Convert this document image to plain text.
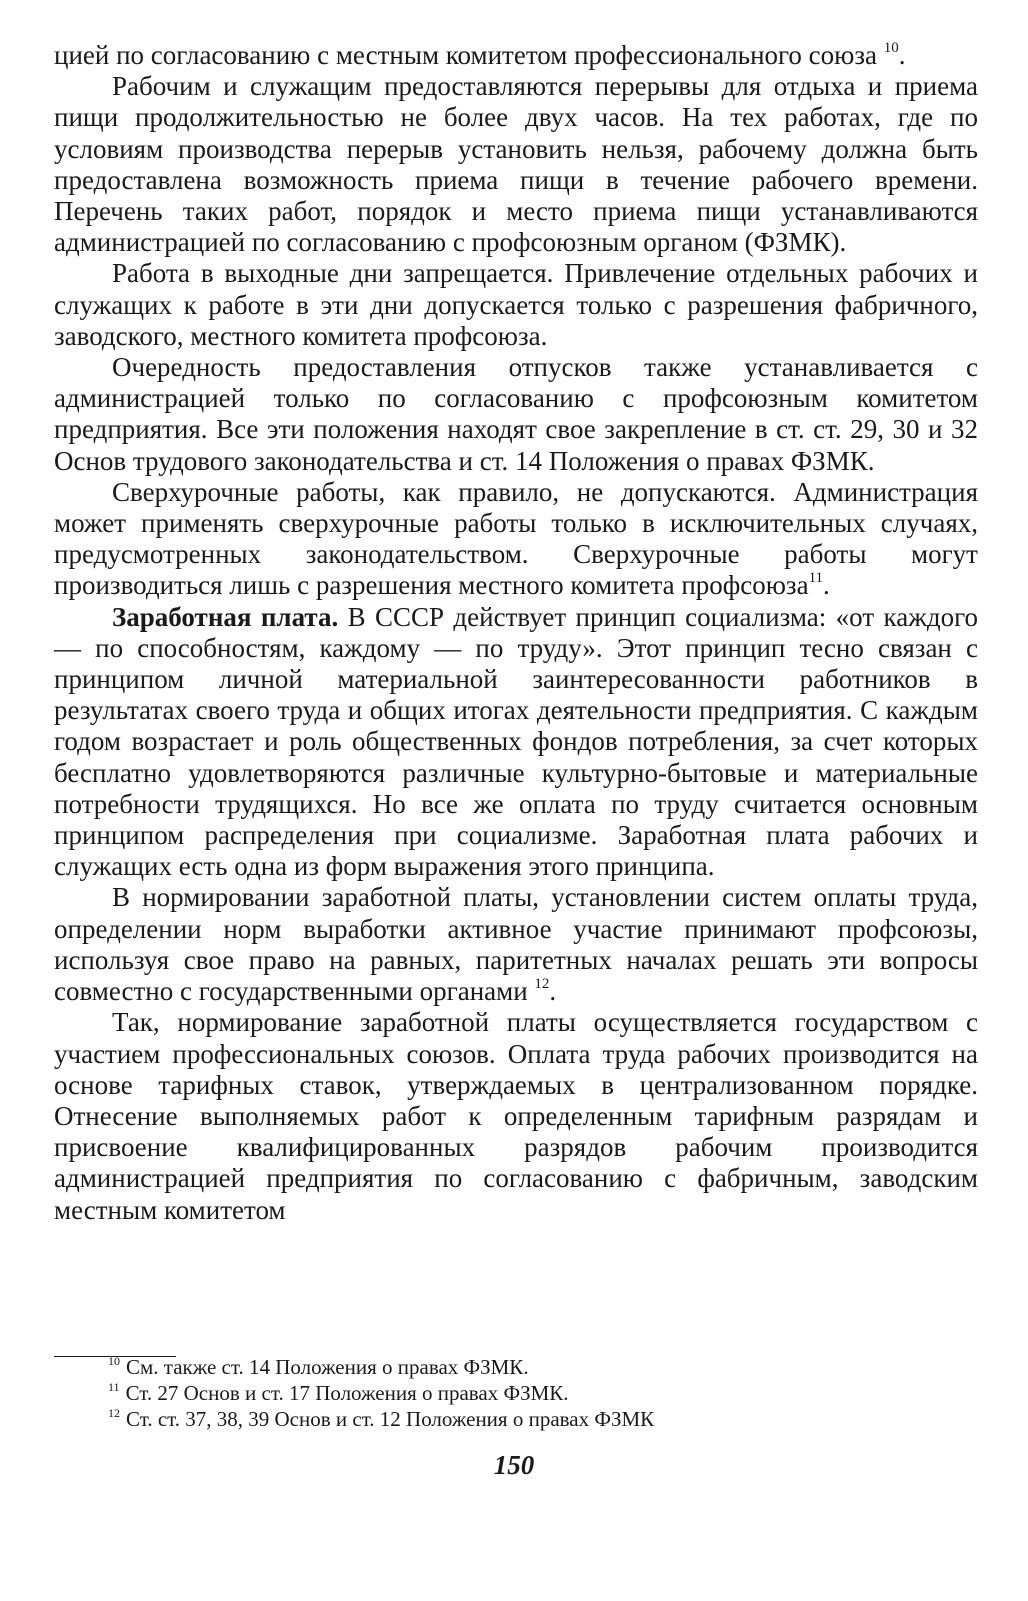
цией по согласованию с местным комитетом профессионального союза $^{10}$.

Рабочим и служащим предоставляются перерывы для отдыха и приема пищи продолжительностью не более двух часов. На тех работах, где по условиям производства перерыв установить нельзя, рабочему должна быть предоставлена возможность приема пищи в течение рабочего времени. Перечень таких работ, порядок и место приема пищи устанавливаются администрацией по согласованию с профсоюзным органом (ФЗМК).

Работа в выходные дни запрещается. Привлечение отдельных рабочих и служащих к работе в эти дни допускается только с разрешения фабричного, заводского, местного комитета профсоюза.

Очередность предоставления отпусков также устанавливается с администрацией только по согласованию с профсоюзным комитетом предприятия. Все эти положения находят свое закрепление в ст. ст. 29, 30 и 32 Основ трудового законодательства и ст. 14 Положения о правах ФЗМК.

Сверхурочные работы, как правило, не допускаются. Администрация может применять сверхурочные работы только в исключительных случаях, предусмотренных законодательством. Сверхурочные работы могут производиться лишь с разрешения местного комитета профсоюза$^{11}$.

Заработная плата. В СССР действует принцип социализма: «от каждого — по способностям, каждому — по труду». Этот принцип тесно связан с принципом личной материальной заинтересованности работников в результатах своего труда и общих итогах деятельности предприятия. С каждым годом возрастает и роль общественных фондов потребления, за счет которых бесплатно удовлетворяются различные культурно-бытовые и материальные потребности трудящихся. Но все же оплата по труду считается основным принципом распределения при социализме. Заработная плата рабочих и служащих есть одна из форм выражения этого принципа.

В нормировании заработной платы, установлении систем оплаты труда, определении норм выработки активное участие принимают профсоюзы, используя свое право на равных, паритетных началах решать эти вопросы совместно с государственными органами $^{12}$.

Так, нормирование заработной платы осуществляется государством с участием профессиональных союзов. Оплата труда рабочих производится на основе тарифных ставок, утверждаемых в централизованном порядке. Отнесение выполняемых работ к определенным тарифным разрядам и присвоение квалифицированных разрядов рабочим производится администрацией предприятия по согласованию с фабричным, заводским местным комитетом

$^{10}$ См. также ст. 14 Положения о правах ФЗМК.

$^{11}$ Ст. 27 Основ и ст. 17 Положения о правах ФЗМК.

$^{12}$ Ст. ст. 37, 38, 39 Основ и ст. 12 Положения о правах ФЗМК

150
